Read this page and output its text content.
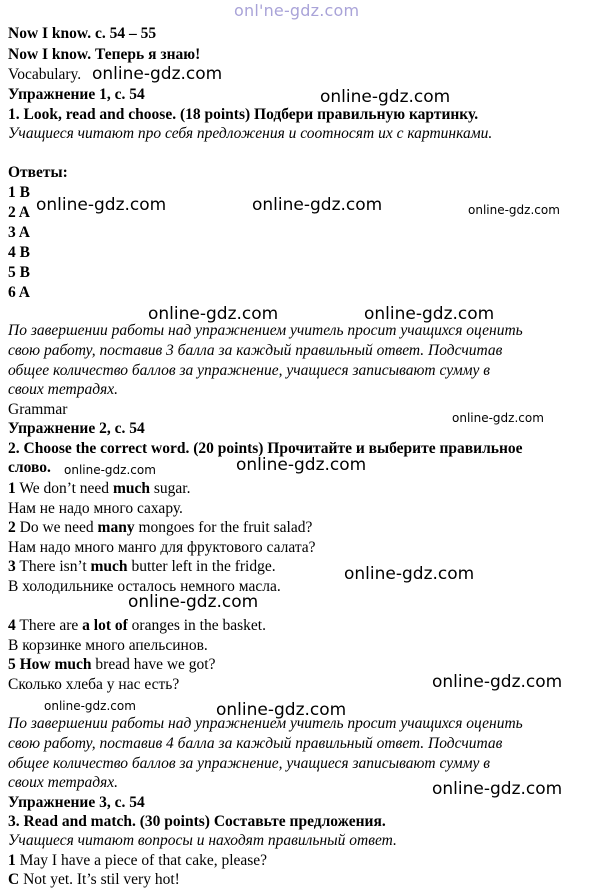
onl'ne-gdz.com
Now I know. с. 54 – 55
Now I know. Теперь я знаю!
Vocabulary.
Упражнение 1, с. 54
1. Look, read and choose. (18 points) Подбери правильную картинку.
Учащиеся читают про себя предложения и соотносят их с картинками.
Ответы:
1 B
2 A
3 A
4 B
5 B
6 A
По завершении работы над упражнением учитель просит учащихся оценить
свою работу, поставив 3 балла за каждый правильный ответ. Подсчитав
общее количество баллов за упражнение, учащиеся записывают сумму в
своих тетрадях.
Grammar
Упражнение 2, с. 54
2. Choose the correct word. (20 points) Прочитайте и выберите правильное
слово.
1 We don’t need much sugar.
Нам не надо много сахару.
2 Do we need many mongoes for the fruit salad?
Нам надо много манго для фруктового салата?
3 There isn’t much butter left in the fridge.
В холодильнике осталось немного масла.
4 There are a lot of oranges in the basket.
В корзинке много апельсинов.
5 How much bread have we got?
Сколько хлеба у нас есть?
По завершении работы над упражнением учитель просит учащихся оценить
свою работу, поставив 4 балла за каждый правильный ответ. Подсчитав
общее количество баллов за упражнение, учащиеся записывают сумму в
своих тетрадях.
Упражнение 3, с. 54
3. Read and match. (30 points) Составьте предложения.
Учащиеся читают вопросы и находят правильный ответ.
1 May I have a piece of that cake, please?
C Not yet. It’s stil very hot!
online-gdz.com
online-gdz.com
online-gdz.com	online-gdz.com	online-gdz.com
online-gdz.com	online-gdz.com
online-gdz.com
online-gdz.com
online-gdz.com
online-gdz.com
online-gdz.com
online-gdz.com
online-gdz.com
online-gdz.com
online-gdz.com
